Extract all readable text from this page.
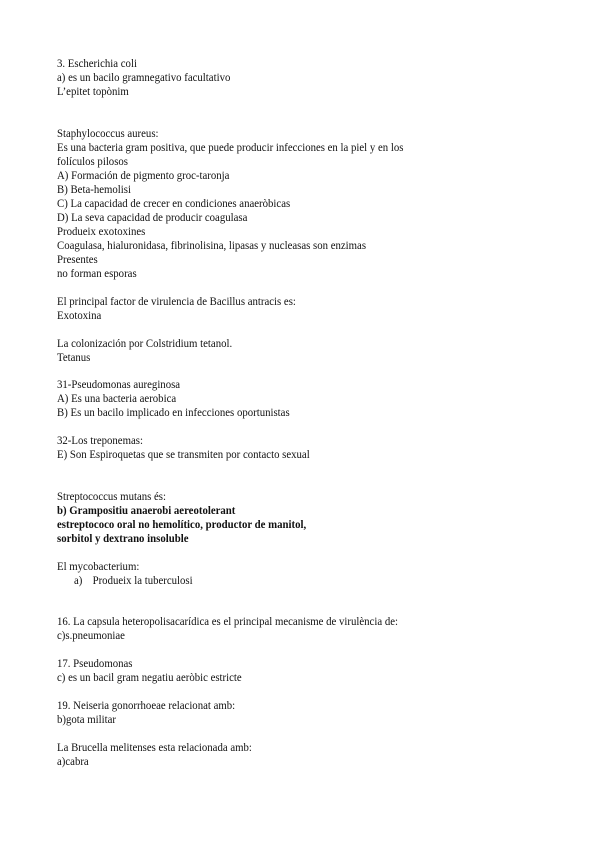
3. Escherichia coli
a) es un bacilo gramnegativo facultativo
L’epitet topònim
Staphylococcus aureus:
Es una bacteria gram positiva, que puede producir infecciones en la piel y en los
folículos pilosos
A) Formación de pigmento groc-taronja
B) Beta-hemolisi
C) La capacidad de crecer en condiciones anaeròbicas
D) La seva capacidad de producir coagulasa
Produeix exotoxines
Coagulasa, hialuronidasa, fibrinolisina, lipasas y nucleasas son enzimas
Presentes
no forman esporas
El principal factor de virulencia de Bacillus antracis es:
Exotoxina
La colonización por Colstridium tetanol.
Tetanus
31-Pseudomonas aureginosa
A) Es una bacteria aerobica
B) Es un bacilo implicado en infecciones oportunistas
32-Los treponemas:
E) Son Espiroquetas que se transmiten por contacto sexual
Streptococcus mutans és:
b) Grampositiu anaerobi aereotolerant
estreptococo oral no hemolítico, productor de manitol,
sorbitol y dextrano insoluble
El mycobacterium:
a) Produeix la tuberculosi
16. La capsula heteropolisacarídica es el principal mecanisme de virulència de:
c)s.pneumoniae
17. Pseudomonas
c) es un bacil gram negatiu aeròbic estricte
19. Neiseria gonorrhoeae relacionat amb:
b)gota militar
La Brucella melitenses esta relacionada amb:
a)cabra
